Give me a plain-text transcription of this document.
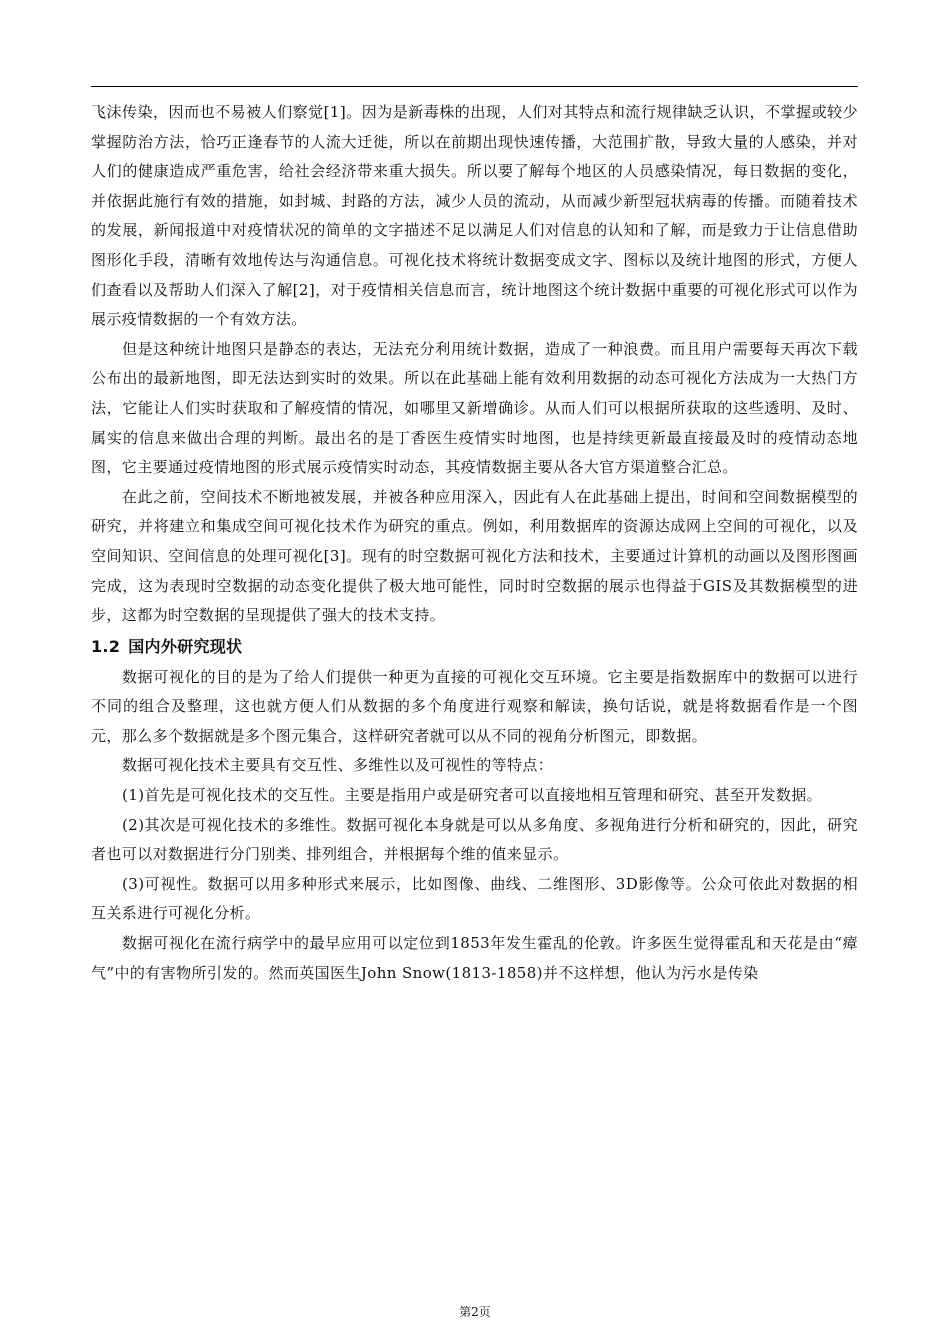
飞沫传染，因而也不易被人们察觉[1]。因为是新毒株的出现，人们对其特点和流行规律缺乏认识，不掌握或较少掌握防治方法，恰巧正逢春节的人流大迁徙，所以在前期出现快速传播，大范围扩散，导致大量的人感染，并对人们的健康造成严重危害，给社会经济带来重大损失。所以要了解每个地区的人员感染情况，每日数据的变化，并依据此施行有效的措施，如封城、封路的方法，减少人员的流动，从而减少新型冠状病毒的传播。而随着技术的发展，新闻报道中对疫情状况的简单的文字描述不足以满足人们对信息的认知和了解，而是致力于让信息借助图形化手段，清晰有效地传达与沟通信息。可视化技术将统计数据变成文字、图标以及统计地图的形式，方便人们查看以及帮助人们深入了解[2]，对于疫情相关信息而言，统计地图这个统计数据中重要的可视化形式可以作为展示疫情数据的一个有效方法。

但是这种统计地图只是静态的表达，无法充分利用统计数据，造成了一种浪费。而且用户需要每天再次下载公布出的最新地图，即无法达到实时的效果。所以在此基础上能有效利用数据的动态可视化方法成为一大热门方法，它能让人们实时获取和了解疫情的情况，如哪里又新增确诊。从而人们可以根据所获取的这些透明、及时、属实的信息来做出合理的判断。最出名的是丁香医生疫情实时地图，也是持续更新最直接最及时的疫情动态地图，它主要通过疫情地图的形式展示疫情实时动态，其疫情数据主要从各大官方渠道整合汇总。

在此之前，空间技术不断地被发展，并被各种应用深入，因此有人在此基础上提出，时间和空间数据模型的研究，并将建立和集成空间可视化技术作为研究的重点。例如，利用数据库的资源达成网上空间的可视化，以及空间知识、空间信息的处理可视化[3]。现有的时空数据可视化方法和技术，主要通过计算机的动画以及图形图画完成，这为表现时空数据的动态变化提供了极大地可能性，同时时空数据的展示也得益于GIS及其数据模型的进步，这都为时空数据的呈现提供了强大的技术支持。

1.2 国内外研究现状

数据可视化的目的是为了给人们提供一种更为直接的可视化交互环境。它主要是指数据库中的数据可以进行不同的组合及整理，这也就方便人们从数据的多个角度进行观察和解读，换句话说，就是将数据看作是一个图元，那么多个数据就是多个图元集合，这样研究者就可以从不同的视角分析图元，即数据。

数据可视化技术主要具有交互性、多维性以及可视性的等特点：

(1)首先是可视化技术的交互性。主要是指用户或是研究者可以直接地相互管理和研究、甚至开发数据。

(2)其次是可视化技术的多维性。数据可视化本身就是可以从多角度、多视角进行分析和研究的，因此，研究者也可以对数据进行分门别类、排列组合，并根据每个维的值来显示。

(3)可视性。数据可以用多种形式来展示，比如图像、曲线、二维图形、3D影像等。公众可依此对数据的相互关系进行可视化分析。

数据可视化在流行病学中的最早应用可以定位到1853年发生霍乱的伦敦。许多医生觉得霍乱和天花是由“瘴气”中的有害物所引发的。然而英国医生John Snow(1813-1858)并不这样想，他认为污水是传染

第2页
